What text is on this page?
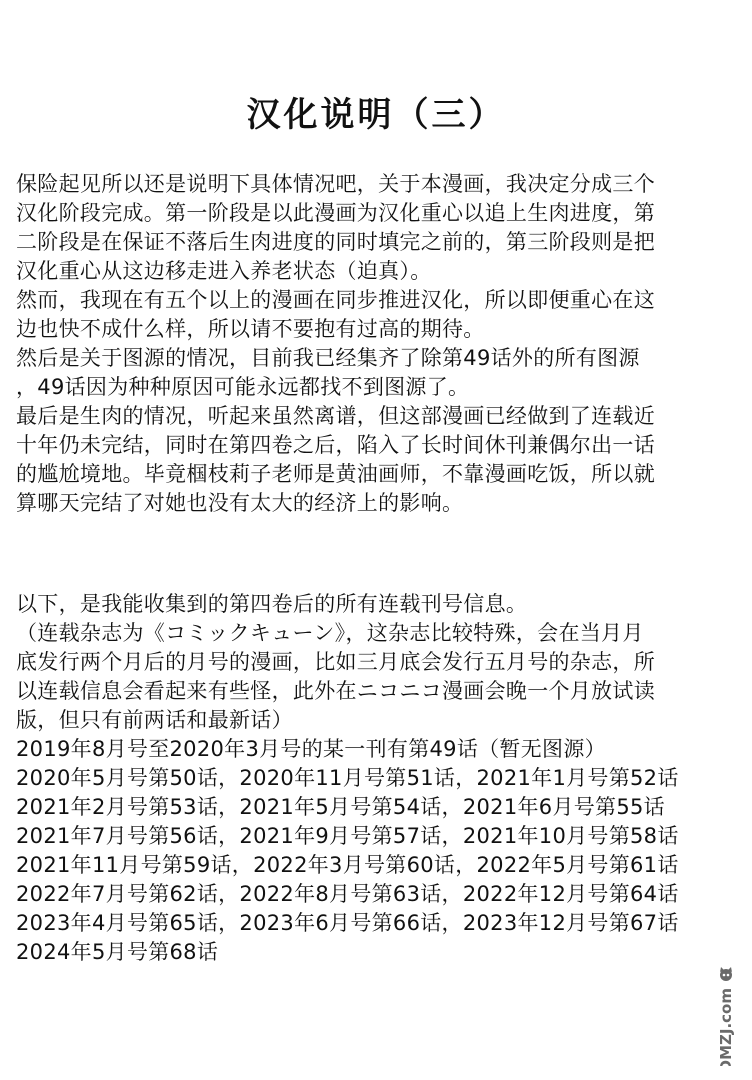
汉化说明（三）
保险起见所以还是说明下具体情况吧，关于本漫画，我决定分成三个
汉化阶段完成。第一阶段是以此漫画为汉化重心以追上生肉进度，第
二阶段是在保证不落后生肉进度的同时填完之前的，第三阶段则是把
汉化重心从这边移走进入养老状态（迫真）。
然而，我现在有五个以上的漫画在同步推进汉化，所以即便重心在这
边也快不成什么样，所以请不要抱有过高的期待。
然后是关于图源的情况，目前我已经集齐了除第49话外的所有图源
，49话因为种种原因可能永远都找不到图源了。
最后是生肉的情况，听起来虽然离谱，但这部漫画已经做到了连载近
十年仍未完结，同时在第四卷之后，陷入了长时间休刊兼偶尔出一话
的尴尬境地。毕竟椢枝莉子老师是黄油画师，不靠漫画吃饭，所以就
算哪天完结了对她也没有太大的经济上的影响。
以下，是我能收集到的第四卷后的所有连载刊号信息。
（连载杂志为《コミックキューン》，这杂志比较特殊，会在当月月
底发行两个月后的月号的漫画，比如三月底会发行五月号的杂志，所
以连载信息会看起来有些怪，此外在ニコニコ漫画会晚一个月放试读
版，但只有前两话和最新话）
2019年8月号至2020年3月号的某一刊有第49话（暂无图源）
2020年5月号第50话，2020年11月号第51话，2021年1月号第52话
2021年2月号第53话，2021年5月号第54话，2021年6月号第55话
2021年7月号第56话，2021年9月号第57话，2021年10月号第58话
2021年11月号第59话，2022年3月号第60话，2022年5月号第61话
2022年7月号第62话，2022年8月号第63话，2022年12月号第64话
2023年4月号第65话，2023年6月号第66话，2023年12月号第67话
2024年5月号第68话
DMZJ.com
